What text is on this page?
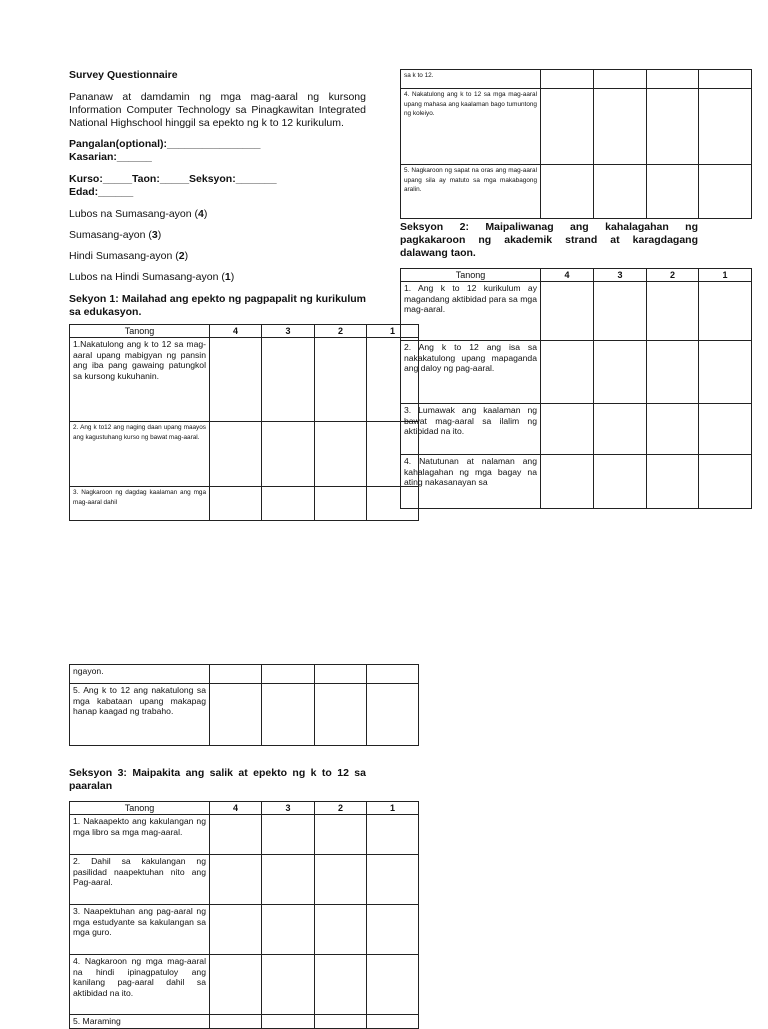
Survey Questionnaire

Pananaw at damdamin ng mga mag-aaral ng kursong Information Computer Technology sa Pinagkawitan Integrated National Highschool hinggil sa epekto ng k to 12 kurikulum.

Pangalan(optional):________________

Kasarian:______

Kurso:_____Taon:_____Seksyon:_______

Edad:______

Lubos na Sumasang-ayon (4)

Sumasang-ayon (3)

Hindi Sumasang-ayon (2)

Lubos na Hindi Sumasang-ayon (1)

Sekyon 1: Mailahad ang epekto ng pagpapalit ng kurikulum sa edukasyon.

Tanong	4	3	2	1
1.Nakatulong ang k to 12 sa mag-aaral upang mabigyan ng pansin ang iba pang gawaing patungkol sa kursong kukuhanin.				
2. Ang k to12 ang naging daan upang maayos ang kagustuhang kurso ng bawat mag-aaral.				
3. Nagkaroon ng dagdag kaalaman ang mga mag-aaral dahil				
ngayon.				
5. Ang k to 12 ang nakatulong sa mga kabataan upang makapag hanap kaagad ng trabaho.				

Seksyon 3: Maipakita ang salik at epekto ng k to 12 sa paaralan

Tanong	4	3	2	1
1. Nakaapekto ang kakulangan ng mga libro sa mga mag-aaral.				
2. Dahil sa kakulangan ng pasilidad naapektuhan nito ang Pag-aaral.				
3. Naapektuhan ang pag-aaral ng mga estudyante sa kakulangan sa mga guro.				
4. Nagkaroon ng mga mag-aaral na hindi ipinagpatuloy ang kanilang pag-aaral dahil sa aktibidad na ito.				
5. Maraming				
sa k to 12.				
4. Nakatulong ang k to 12 sa mga mag-aaral upang mahasa ang kaalaman bago tumuntong ng koleiyo.				
5. Nagkaroon ng sapat na oras ang mag-aaral upang sila ay matuto sa mga makabagong aralin.				

Seksyon 2: Maipaliwanag ang kahalagahan ng pagkakaroon ng akademik strand at karagdagang dalawang taon.

Tanong	4	3	2	1
1. Ang k to 12 kurikulum ay magandang aktibidad para sa mga mag-aaral.				
2. Ang k to 12 ang isa sa nakakatulong upang mapaganda ang daloy ng pag-aaral.				
3. Lumawak ang kaalaman ng bawat mag-aaral sa ilalim ng aktibidad na ito.				
4. Natutunan at nalaman ang kahalagahan ng mga bagay na ating nakasanayan sa				
